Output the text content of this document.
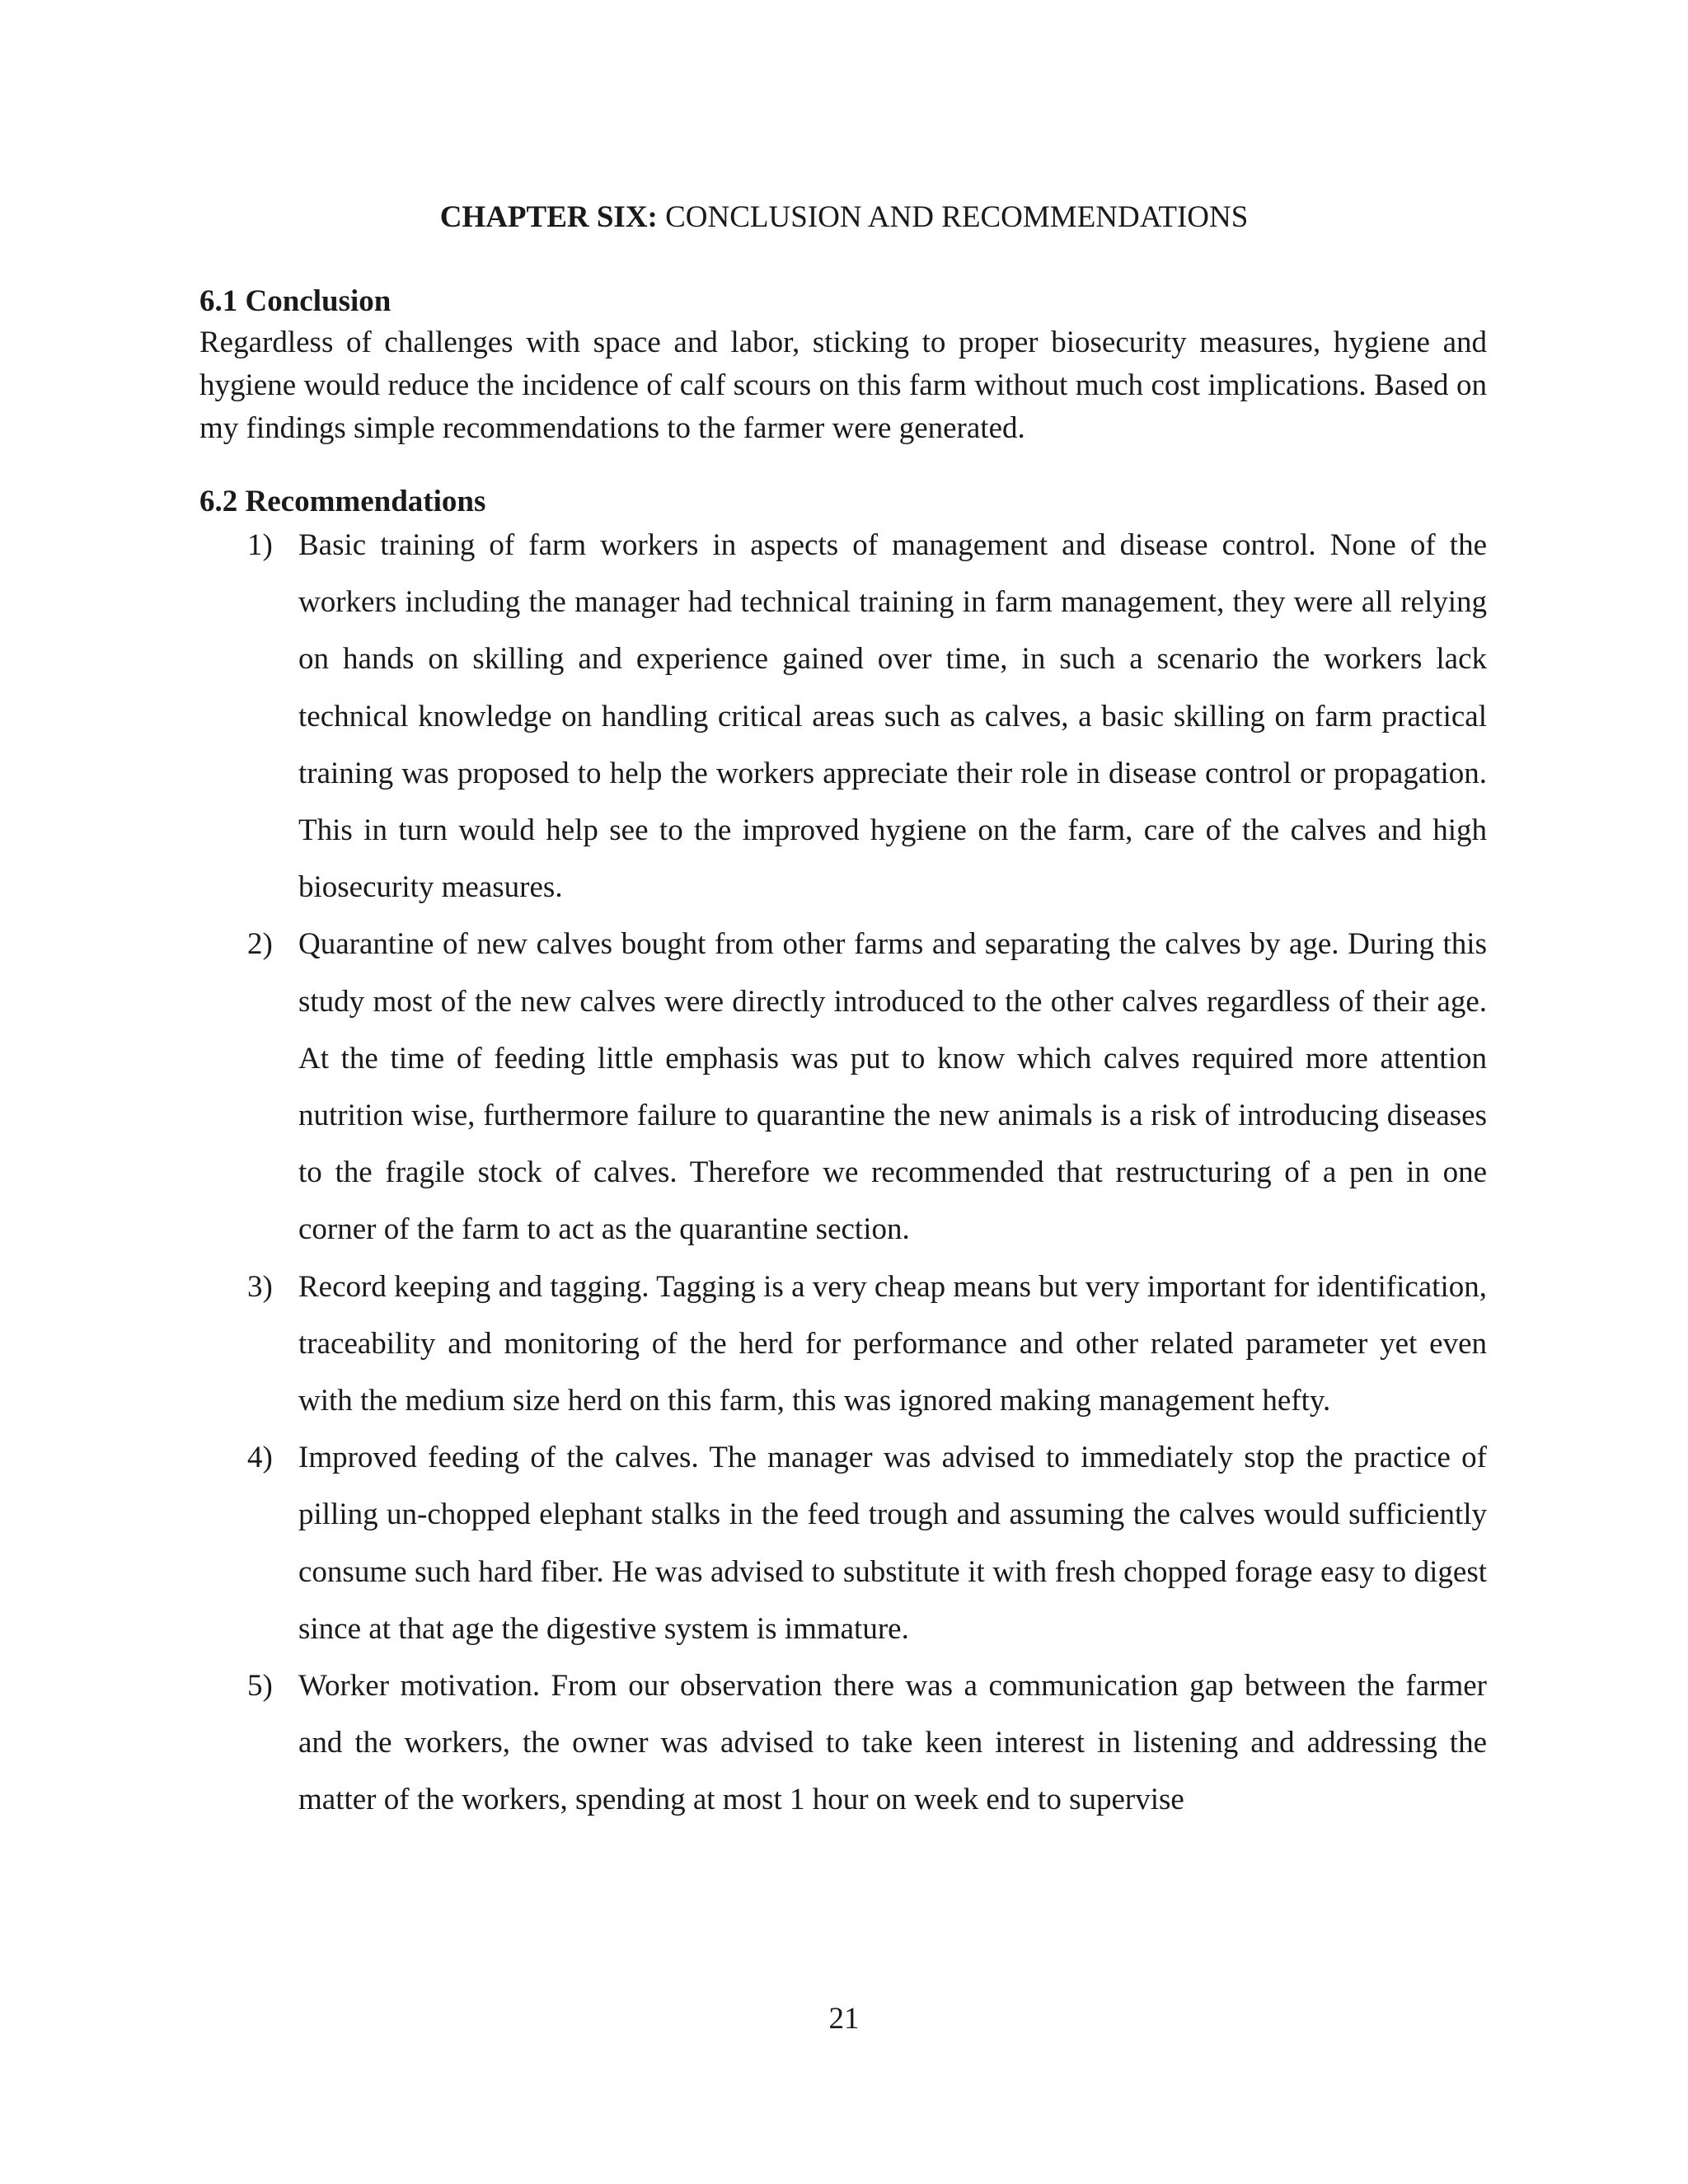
CHAPTER SIX: CONCLUSION AND RECOMMENDATIONS

6.1 Conclusion

Regardless of challenges with space and labor, sticking to proper biosecurity measures, hygiene and hygiene would reduce the incidence of calf scours on this farm without much cost implications. Based on my findings simple recommendations to the farmer were generated.

6.2 Recommendations

1) Basic training of farm workers in aspects of management and disease control. None of the workers including the manager had technical training in farm management, they were all relying on hands on skilling and experience gained over time, in such a scenario the workers lack technical knowledge on handling critical areas such as calves, a basic skilling on farm practical training was proposed to help the workers appreciate their role in disease control or propagation. This in turn would help see to the improved hygiene on the farm, care of the calves and high biosecurity measures.
2) Quarantine of new calves bought from other farms and separating the calves by age. During this study most of the new calves were directly introduced to the other calves regardless of their age. At the time of feeding little emphasis was put to know which calves required more attention nutrition wise, furthermore failure to quarantine the new animals is a risk of introducing diseases to the fragile stock of calves. Therefore we recommended that restructuring of a pen in one corner of the farm to act as the quarantine section.
3) Record keeping and tagging. Tagging is a very cheap means but very important for identification, traceability and monitoring of the herd for performance and other related parameter yet even with the medium size herd on this farm, this was ignored making management hefty.
4) Improved feeding of the calves. The manager was advised to immediately stop the practice of pilling un-chopped elephant stalks in the feed trough and assuming the calves would sufficiently consume such hard fiber. He was advised to substitute it with fresh chopped forage easy to digest since at that age the digestive system is immature.
5) Worker motivation. From our observation there was a communication gap between the farmer and the workers, the owner was advised to take keen interest in listening and addressing the matter of the workers, spending at most 1 hour on week end to supervise
21
